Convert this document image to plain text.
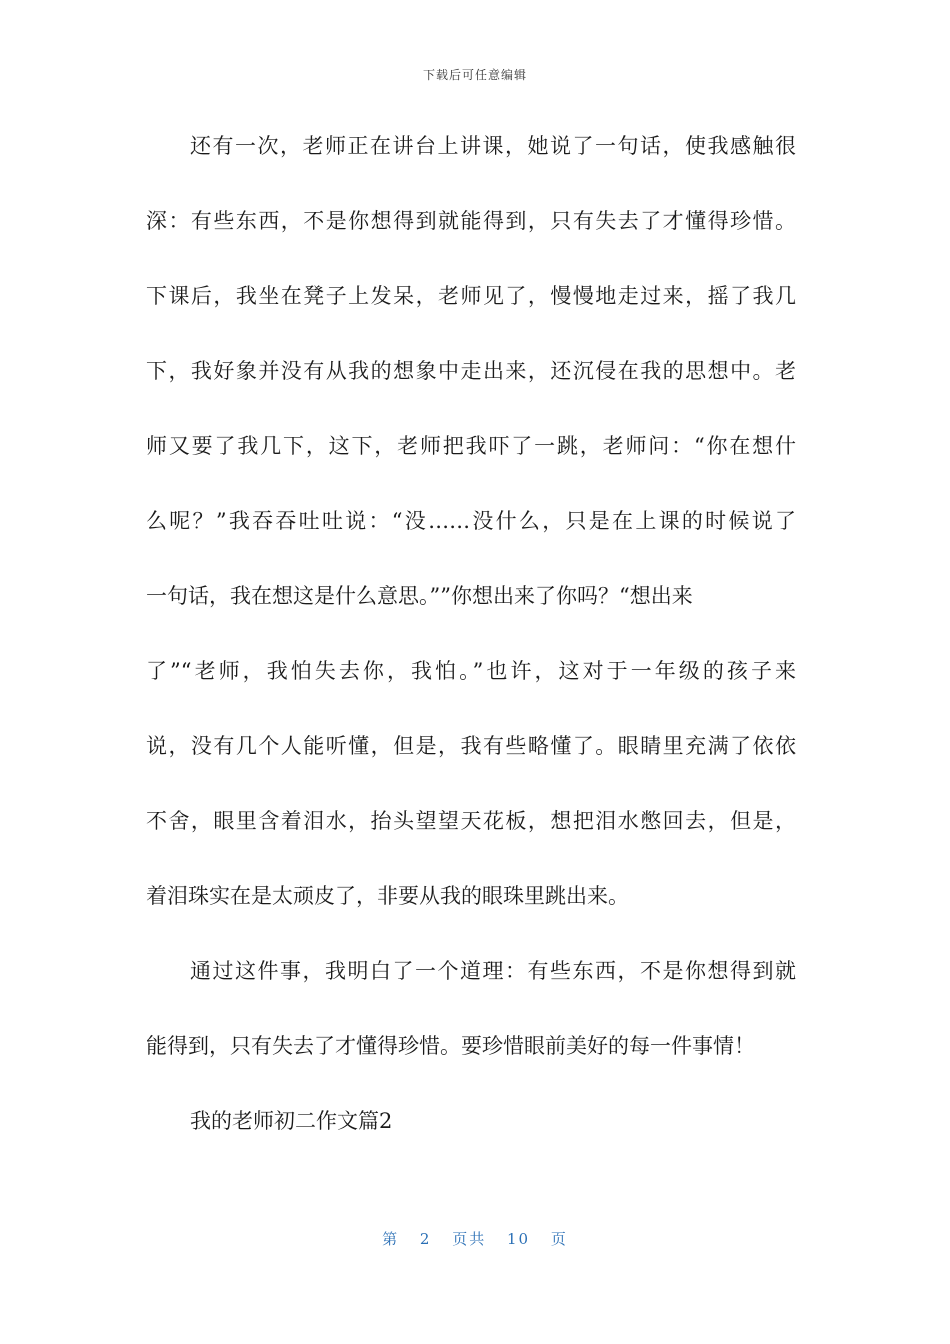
下载后可任意编辑
还有一次，老师正在讲台上讲课，她说了一句话，使我感触很
深：有些东西，不是你想得到就能得到，只有失去了才懂得珍惜。
下课后，我坐在凳子上发呆，老师见了，慢慢地走过来，摇了我几
下，我好象并没有从我的想象中走出来，还沉侵在我的思想中。老
师又要了我几下，这下，老师把我吓了一跳，老师问：“你在想什
么呢？”我吞吞吐吐说：“没……没什么，只是在上课的时候说了
一句话，我在想这是什么意思。””你想出来了你吗？“想出来
了”“老师，我怕失去你，我怕。”也许，这对于一年级的孩子来
说，没有几个人能听懂，但是，我有些略懂了。眼睛里充满了依依
不舍，眼里含着泪水，抬头望望天花板，想把泪水憋回去，但是，
着泪珠实在是太顽皮了，非要从我的眼珠里跳出来。
通过这件事，我明白了一个道理：有些东西，不是你想得到就
能得到，只有失去了才懂得珍惜。要珍惜眼前美好的每一件事情！
我的老师初二作文篇2
第 2 页共 10 页
